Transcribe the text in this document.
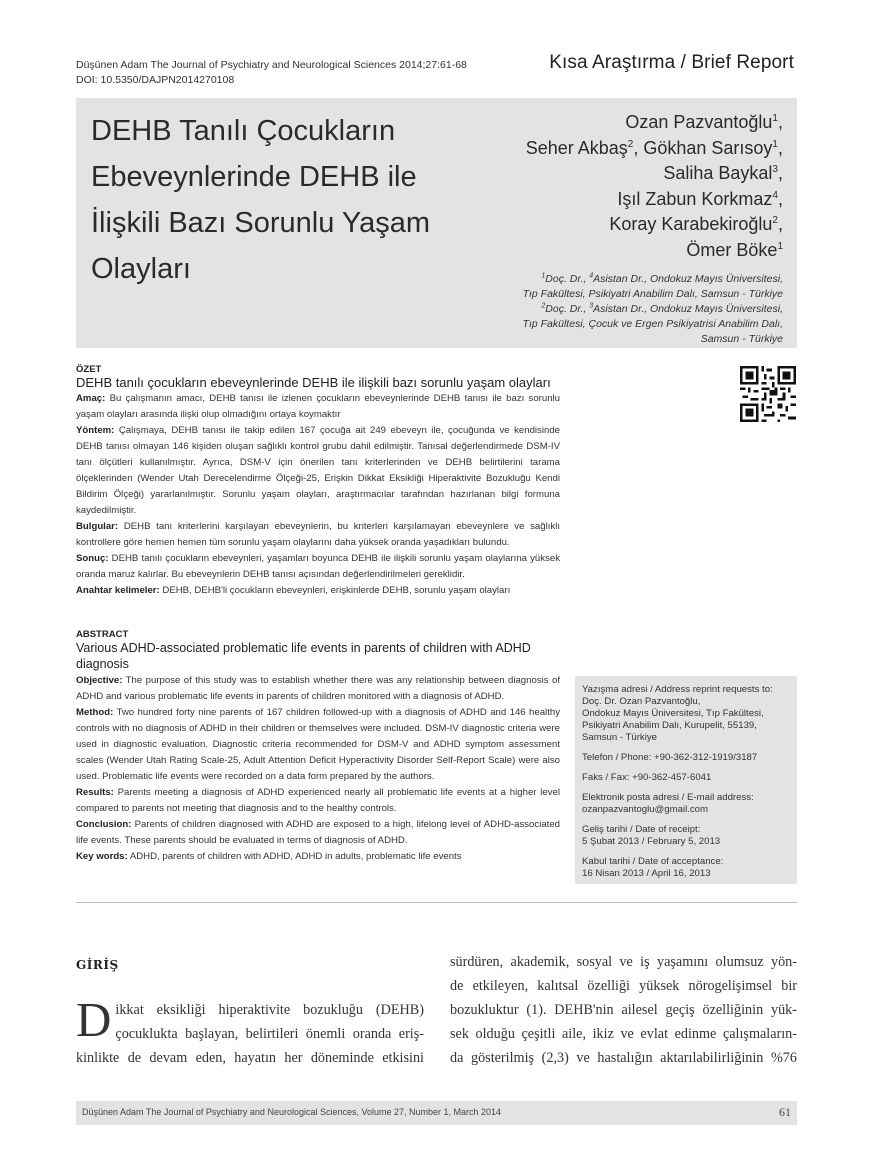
Düşünen Adam The Journal of Psychiatry and Neurological Sciences 2014;27:61-68
DOI: 10.5350/DAJPN2014270108
Kısa Araştırma / Brief Report
DEHB Tanılı Çocukların
Ebeveynlerinde DEHB ile
İlişkili Bazı Sorunlu Yaşam
Olayları
Ozan Pazvantoğlu$^1$,
Seher Akbaş$^2$, Gökhan Sarısoy$^1$,
Saliha Baykal$^3$,
Işıl Zabun Korkmaz$^4$,
Koray Karabekiroğlu$^2$,
Ömer Böke$^1$
$^1$Doç. Dr., $^4$Asistan Dr., Ondokuz Mayıs Üniversitesi,
Tıp Fakültesi, Psikiyatri Anabilim Dalı, Samsun - Türkiye
$^2$Doç. Dr., $^3$Asistan Dr., Ondokuz Mayıs Üniversitesi,
Tıp Fakültesi, Çocuk ve Ergen Psikiyatrisi Anabilim Dalı,
Samsun - Türkiye
ÖZET
DEHB tanılı çocukların ebeveynlerinde DEHB ile ilişkili bazı sorunlu yaşam olayları

Amaç: Bu çalışmanın amacı, DEHB tanısı ile izlenen çocukların ebeveynlerinde DEHB tanısı ile bazı sorunlu yaşam olayları arasında ilişki olup olmadığını ortaya koymaktır

Yöntem: Çalışmaya, DEHB tanısı ile takip edilen 167 çocuğa ait 249 ebeveyn ile, çocuğunda ve kendisinde DEHB tanısı olmayan 146 kişiden oluşan sağlıklı kontrol grubu dahil edilmiştir. Tanısal değerlendirmede DSM-IV tanı ölçütleri kullanılmıştır. Ayrıca, DSM-V için önerilen tanı kriterlerinden ve DEHB belirtilerini tarama ölçeklerinden (Wender Utah Derecelendirme Ölçeği-25, Erişkin Dikkat Eksikliği Hiperaktivite Bozukluğu Kendi Bildirim Ölçeği) yararlanılmıştır. Sorunlu yaşam olayları, araştırmacılar tarafından hazırlanan bilgi formuna kaydedilmiştir.

Bulgular: DEHB tanı kriterlerini karşılayan ebeveynlerin, bu kriterleri karşılamayan ebeveynlere ve sağlıklı kontrollere göre hemen hemen tüm sorunlu yaşam olaylarını daha yüksek oranda yaşadıkları bulundu.

Sonuç: DEHB tanılı çocukların ebeveynleri, yaşamları boyunca DEHB ile ilişkili sorunlu yaşam olaylarına yüksek oranda maruz kalırlar. Bu ebeveynlerin DEHB tanısı açısından değerlendirilmeleri gereklidir.

Anahtar kelimeler: DEHB, DEHB'li çocukların ebeveynleri, erişkinlerde DEHB, sorunlu yaşam olayları

ABSTRACT
Various ADHD-associated problematic life events in parents of children with ADHD diagnosis

Objective: The purpose of this study was to establish whether there was any relationship between diagnosis of ADHD and various problematic life events in parents of children monitored with a diagnosis of ADHD.

Method: Two hundred forty nine parents of 167 children followed-up with a diagnosis of ADHD and 146 healthy controls with no diagnosis of ADHD in their children or themselves were included. DSM-IV diagnostic criteria were used in diagnostic evaluation. Diagnostic criteria recommended for DSM-V and ADHD symptom assessment scales (Wender Utah Rating Scale-25, Adult Attention Deficit Hyperactivity Disorder Self-Report Scale) were also used. Problematic life events were recorded on a data form prepared by the authors.

Results: Parents meeting a diagnosis of ADHD experienced nearly all problematic life events at a higher level compared to parents not meeting that diagnosis and to the healthy controls.

Conclusion: Parents of children diagnosed with ADHD are exposed to a high, lifelong level of ADHD-associated life events. These parents should be evaluated in terms of diagnosis of ADHD.

Key words: ADHD, parents of children with ADHD, ADHD in adults, problematic life events

Yazışma adresi / Address reprint requests to:
Doç. Dr. Ozan Pazvantoğlu,
Ondokuz Mayıs Üniversitesi, Tıp Fakültesi,
Psikiyatri Anabilim Dalı, Kurupelit, 55139,
Samsun - Türkiye

Telefon / Phone: +90-362-312-1919/3187

Faks / Fax: +90-362-457-6041

Elektronik posta adresi / E-mail address:
ozanpazvantoglu@gmail.com

Geliş tarihi / Date of receipt:
5 Şubat 2013 / February 5, 2013

Kabul tarihi / Date of acceptance:
16 Nisan 2013 / April 16, 2013

GİRİŞ
D ikkat eksikliği hiperaktivite bozukluğu (DEHB)
çocuklukta başlayan, belirtileri önemli oranda eriş-
kinlikte de devam eden, hayatın her döneminde etkisini
sürdüren, akademik, sosyal ve iş yaşamını olumsuz yön-
de etkileyen, kalıtsal özelliği yüksek nörogelişimsel bir
bozukluktur (1). DEHB'nin ailesel geçiş özelliğinin yük-
sek olduğu çeşitli aile, ikiz ve evlat edinme çalışmaların-
da gösterilmiş (2,3) ve hastalığın aktarılabilirliğinin %76
Düşünen Adam The Journal of Psychiatry and Neurological Sciences, Volume 27, Number 1, March 2014	61
